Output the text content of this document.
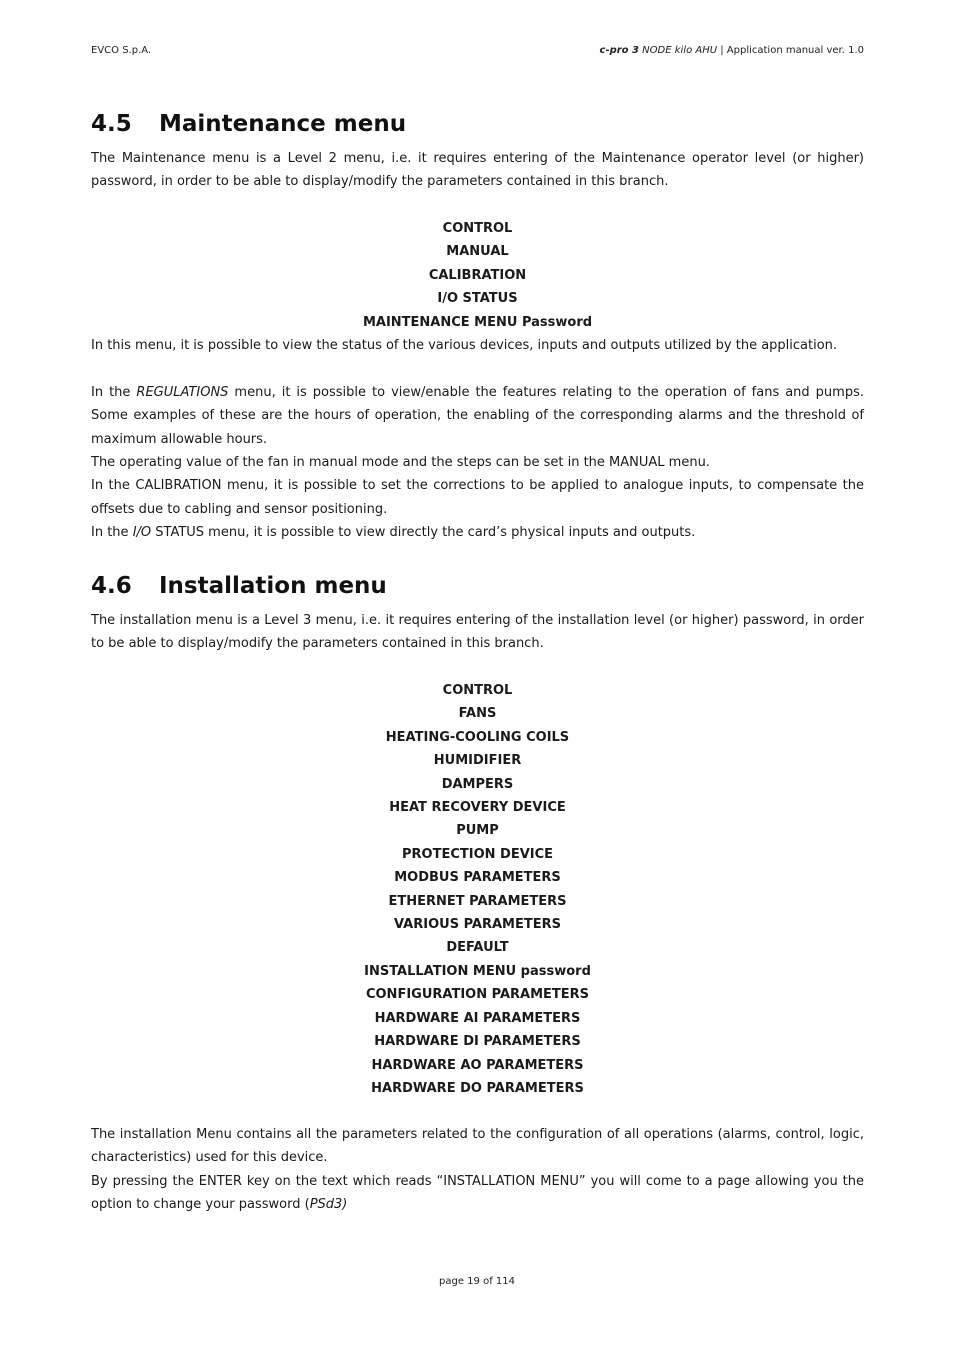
EVCO S.p.A.	c-pro 3 NODE kilo AHU | Application manual ver. 1.0
4.5	Maintenance menu

The Maintenance menu is a Level 2 menu, i.e. it requires entering of the Maintenance operator level (or higher) password, in order to be able to display/modify the parameters contained in this branch.

CONTROL
MANUAL
CALIBRATION
I/O STATUS
MAINTENANCE MENU Password

In this menu, it is possible to view the status of the various devices, inputs and outputs utilized by the application.

In the REGULATIONS menu, it is possible to view/enable the features relating to the operation of fans and pumps. Some examples of these are the hours of operation, the enabling of the corresponding alarms and the threshold of maximum allowable hours.

The operating value of the fan in manual mode and the steps can be set in the MANUAL menu.

In the CALIBRATION menu, it is possible to set the corrections to be applied to analogue inputs, to compensate the offsets due to cabling and sensor positioning.

In the I/O STATUS menu, it is possible to view directly the card’s physical inputs and outputs.

4.6	Installation menu

The installation menu is a Level 3 menu, i.e. it requires entering of the installation level (or higher) password, in order to be able to display/modify the parameters contained in this branch.

CONTROL
FANS
HEATING-COOLING COILS
HUMIDIFIER
DAMPERS
HEAT RECOVERY DEVICE
PUMP
PROTECTION DEVICE
MODBUS PARAMETERS
ETHERNET PARAMETERS
VARIOUS PARAMETERS
DEFAULT
INSTALLATION MENU password
CONFIGURATION PARAMETERS
HARDWARE AI PARAMETERS
HARDWARE DI PARAMETERS
HARDWARE AO PARAMETERS
HARDWARE DO PARAMETERS

The installation Menu contains all the parameters related to the configuration of all operations (alarms, control, logic, characteristics) used for this device.

By pressing the ENTER key on the text which reads “INSTALLATION MENU” you will come to a page allowing you the option to change your password (PSd3)

page 19 of 114
